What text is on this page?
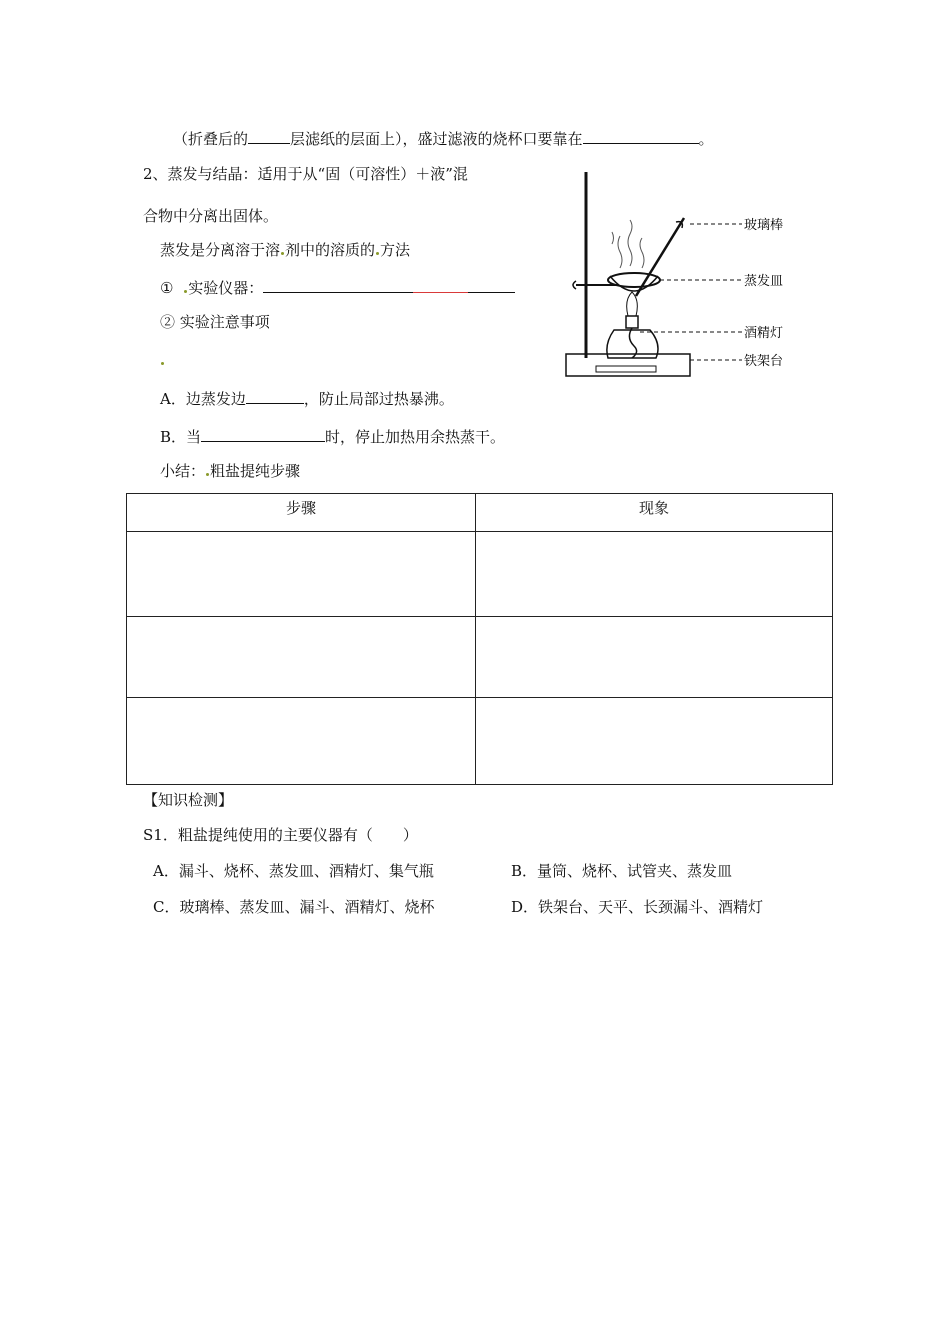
（折叠后的	层滤纸的层面上），盛过滤液的烧杯口要靠在	。
2、蒸发与结晶：适用于从“固（可溶性）＋液”混
合物中分离出固体。
蒸发是分离溶于溶 剂中的溶质的 方法
① 实验仪器：
② 实验注意事项
A．边蒸发边	，防止局部过热暴沸。
B．当	时，停止加热用余热蒸干。
小结： 粗盐提纯步骤
玻璃棒
蒸发皿
酒精灯
铁架台
步骤	现象

【知识检测】
S1．粗盐提纯使用的主要仪器有（　　）
A．漏斗、烧杯、蒸发皿、酒精灯、集气瓶	B．量筒、烧杯、试管夹、蒸发皿
C．玻璃棒、蒸发皿、漏斗、酒精灯、烧杯	D．铁架台、天平、长颈漏斗、酒精灯
